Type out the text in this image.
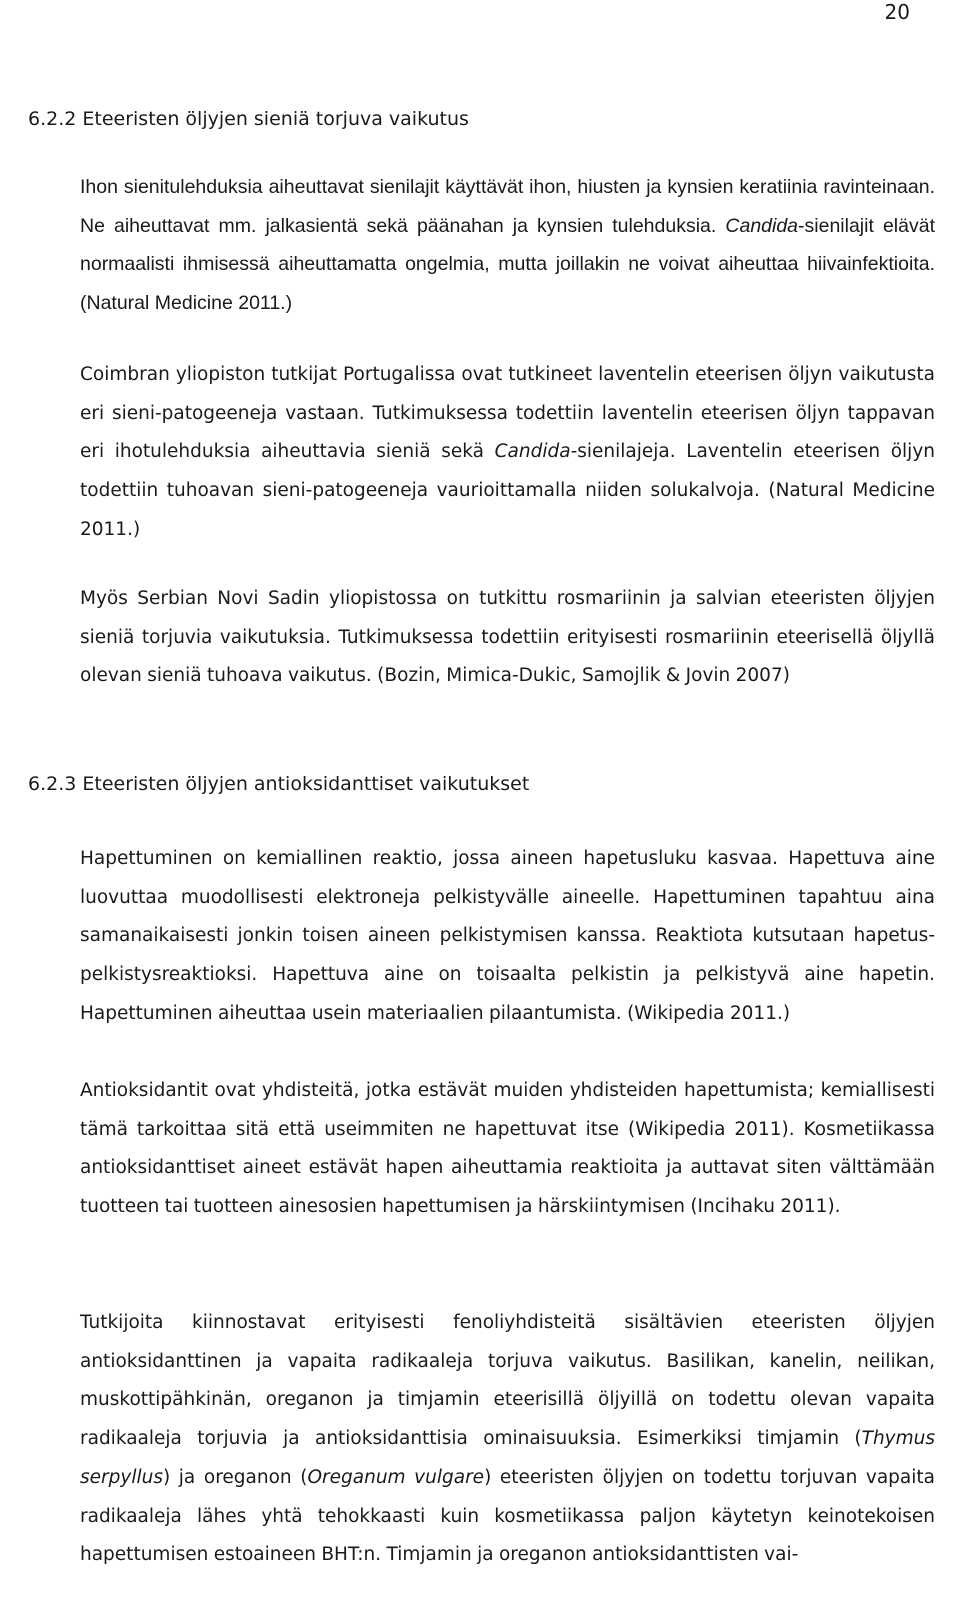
20
6.2.2 Eteeristen öljyjen sieniä torjuva vaikutus
Ihon sienitulehduksia aiheuttavat sienilajit käyttävät ihon, hiusten ja kynsien keratiinia ravinteinaan. Ne aiheuttavat mm. jalkasientä sekä päänahan ja kynsien tulehduksia. Candida-sienilajit elävät normaalisti ihmisessä aiheuttamatta ongelmia, mutta joillakin ne voivat aiheuttaa hiivainfektioita. (Natural Medicine 2011.)
Coimbran yliopiston tutkijat Portugalissa ovat tutkineet laventelin eteerisen öljyn vaikutusta eri sieni-patogeeneja vastaan. Tutkimuksessa todettiin laventelin eteerisen öljyn tappavan eri ihotulehduksia aiheuttavia sieniä sekä Candida-sienilajeja. Laventelin eteerisen öljyn todettiin tuhoavan sieni-patogeeneja vaurioittamalla niiden solukalvoja. (Natural Medicine 2011.)
Myös Serbian Novi Sadin yliopistossa on tutkittu rosmariinin ja salvian eteeristen öljyjen sieniä torjuvia vaikutuksia. Tutkimuksessa todettiin erityisesti rosmariinin eteerisellä öljyllä olevan sieniä tuhoava vaikutus. (Bozin, Mimica-Dukic, Samojlik & Jovin 2007)
6.2.3 Eteeristen öljyjen antioksidanttiset vaikutukset
Hapettuminen on kemiallinen reaktio, jossa aineen hapetusluku kasvaa. Hapettuva aine luovuttaa muodollisesti elektroneja pelkistyvälle aineelle. Hapettuminen tapahtuu aina samanaikaisesti jonkin toisen aineen pelkistymisen kanssa. Reaktiota kutsutaan hapetus-pelkistysreaktioksi. Hapettuva aine on toisaalta pelkistin ja pelkistyvä aine hapetin. Hapettuminen aiheuttaa usein materiaalien pilaantumista. (Wikipedia 2011.)
Antioksidantit ovat yhdisteitä, jotka estävät muiden yhdisteiden hapettumista; kemiallisesti tämä tarkoittaa sitä että useimmiten ne hapettuvat itse (Wikipedia 2011). Kosmetiikassa antioksidanttiset aineet estävät hapen aiheuttamia reaktioita ja auttavat siten välttämään tuotteen tai tuotteen ainesosien hapettumisen ja härskiintymisen (Incihaku 2011).
Tutkijoita kiinnostavat erityisesti fenoliyhdisteitä sisältävien eteeristen öljyjen antioksidanttinen ja vapaita radikaaleja torjuva vaikutus. Basilikan, kanelin, neilikan, muskottipähkinän, oreganon ja timjamin eteerisillä öljyillä on todettu olevan vapaita radikaaleja torjuvia ja antioksidanttisia ominaisuuksia. Esimerkiksi timjamin (Thymus serpyllus) ja oreganon (Oreganum vulgare) eteeristen öljyjen on todettu torjuvan vapaita radikaaleja lähes yhtä tehokkaasti kuin kosmetiikassa paljon käytetyn keinotekoisen hapettumisen estoaineen BHT:n. Timjamin ja oreganon antioksidanttisten vai-
